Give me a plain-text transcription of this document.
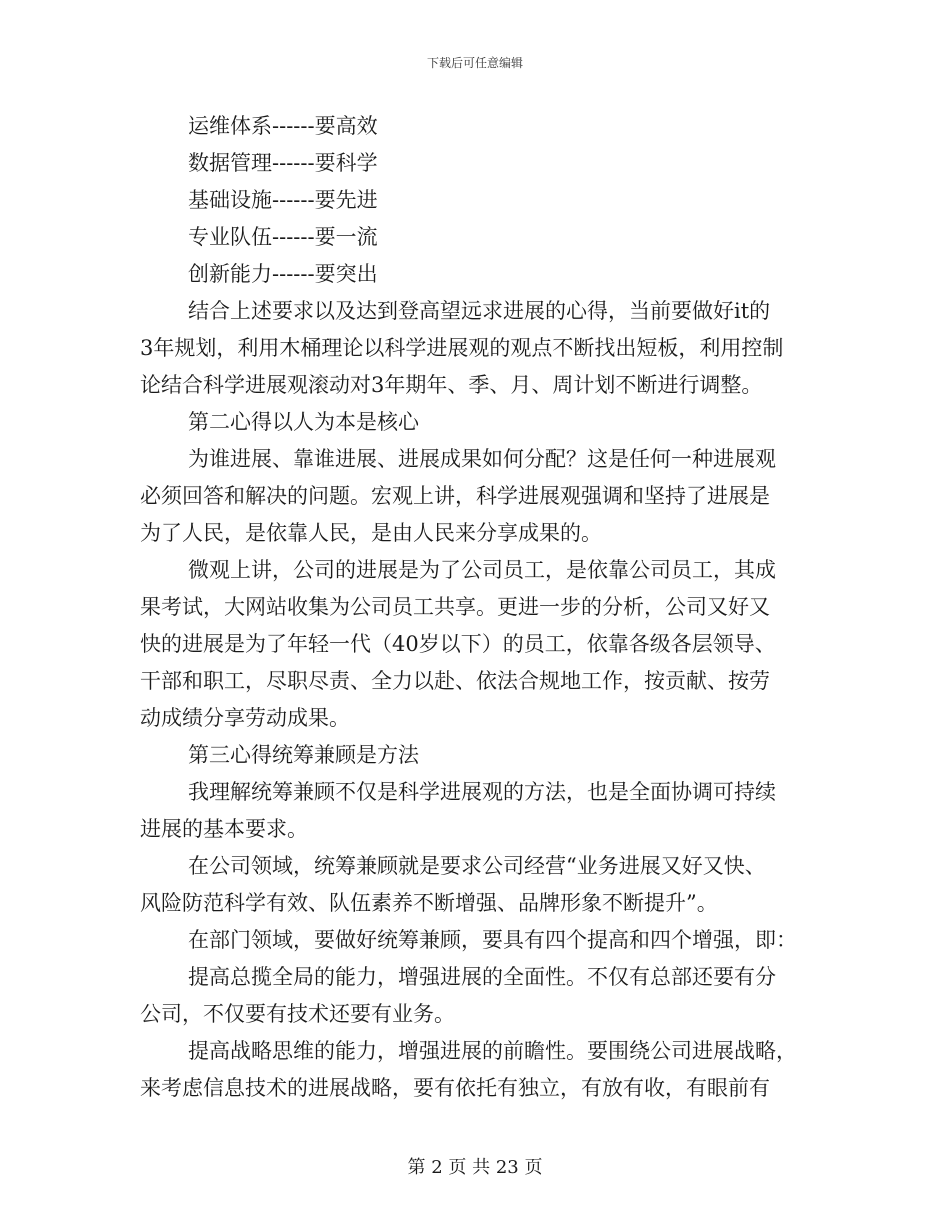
下载后可任意编辑
运维体系------要高效
数据管理------要科学
基础设施------要先进
专业队伍------要一流
创新能力------要突出
结合上述要求以及达到登高望远求进展的心得，当前要做好it的
3年规划，利用木桶理论以科学进展观的观点不断找出短板，利用控制
论结合科学进展观滚动对3年期年、季、月、周计划不断进行调整。
第二心得以人为本是核心
为谁进展、靠谁进展、进展成果如何分配？这是任何一种进展观
必须回答和解决的问题。宏观上讲，科学进展观强调和坚持了进展是
为了人民，是依靠人民，是由人民来分享成果的。
微观上讲，公司的进展是为了公司员工，是依靠公司员工，其成
果考试，大网站收集为公司员工共享。更进一步的分析，公司又好又
快的进展是为了年轻一代（40岁以下）的员工，依靠各级各层领导、
干部和职工，尽职尽责、全力以赴、依法合规地工作，按贡献、按劳
动成绩分享劳动成果。
第三心得统筹兼顾是方法
我理解统筹兼顾不仅是科学进展观的方法，也是全面协调可持续
进展的基本要求。
在公司领域，统筹兼顾就是要求公司经营“业务进展又好又快、
风险防范科学有效、队伍素养不断增强、品牌形象不断提升”。
在部门领域，要做好统筹兼顾，要具有四个提高和四个增强，即：
提高总揽全局的能力，增强进展的全面性。不仅有总部还要有分
公司，不仅要有技术还要有业务。
提高战略思维的能力，增强进展的前瞻性。要围绕公司进展战略，
来考虑信息技术的进展战略，要有依托有独立，有放有收，有眼前有
第 2 页 共 23 页
